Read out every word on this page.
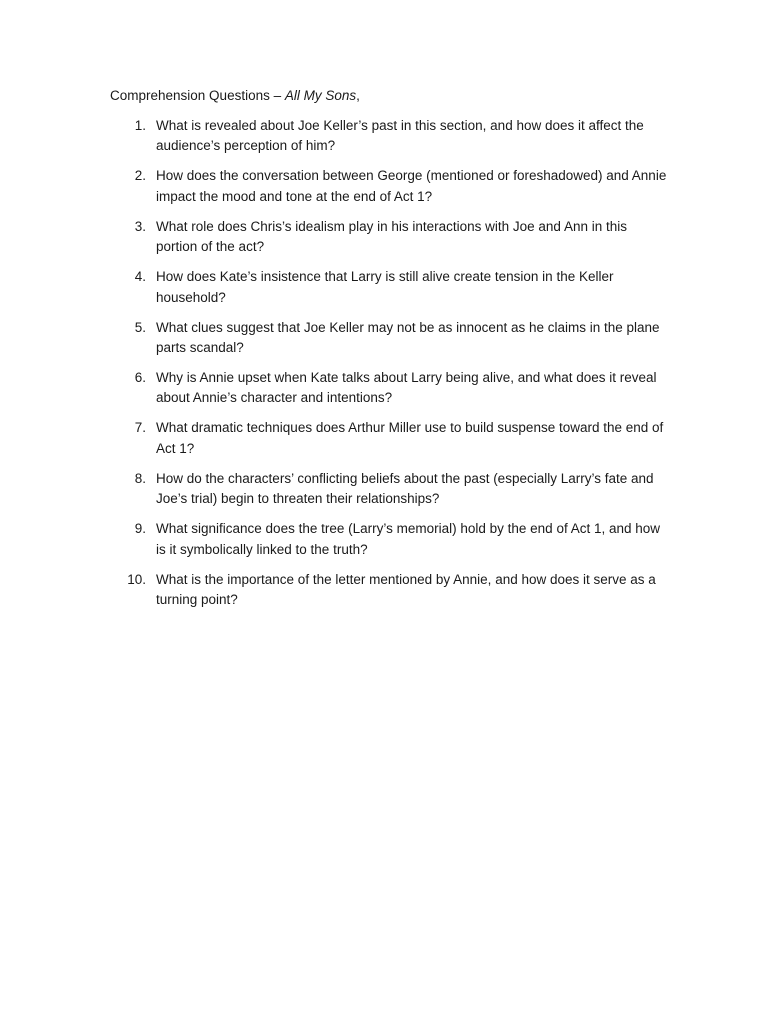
Comprehension Questions – All My Sons,
1. What is revealed about Joe Keller’s past in this section, and how does it affect the audience’s perception of him?
2. How does the conversation between George (mentioned or foreshadowed) and Annie impact the mood and tone at the end of Act 1?
3. What role does Chris’s idealism play in his interactions with Joe and Ann in this portion of the act?
4. How does Kate’s insistence that Larry is still alive create tension in the Keller household?
5. What clues suggest that Joe Keller may not be as innocent as he claims in the plane parts scandal?
6. Why is Annie upset when Kate talks about Larry being alive, and what does it reveal about Annie’s character and intentions?
7. What dramatic techniques does Arthur Miller use to build suspense toward the end of Act 1?
8. How do the characters’ conflicting beliefs about the past (especially Larry’s fate and Joe’s trial) begin to threaten their relationships?
9. What significance does the tree (Larry’s memorial) hold by the end of Act 1, and how is it symbolically linked to the truth?
10. What is the importance of the letter mentioned by Annie, and how does it serve as a turning point?
